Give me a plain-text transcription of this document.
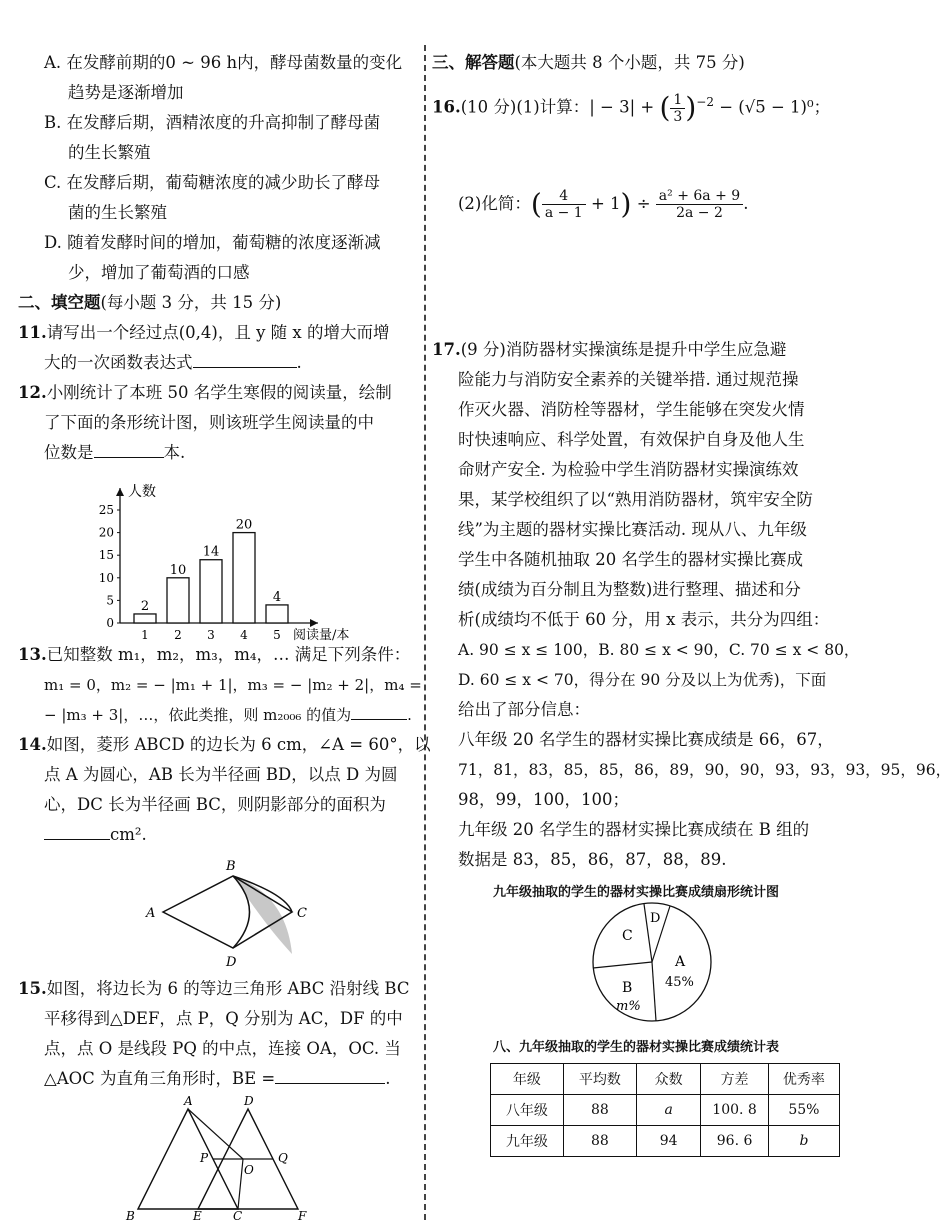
A. 在发酵前期的0 ~ 96 h内，酵母菌数量的变化
趋势是逐渐增加
B. 在发酵后期，酒精浓度的升高抑制了酵母菌
的生长繁殖
C. 在发酵后期，葡萄糖浓度的减少助长了酵母
菌的生长繁殖
D. 随着发酵时间的增加，葡萄糖的浓度逐渐减
少，增加了葡萄酒的口感
二、填空题(每小题 3 分，共 15 分)
11.请写出一个经过点(0,4)，且 y 随 x 的增大而增
大的一次函数表达式	.
12.小刚统计了本班 50 名学生寒假的阅读量，绘制
了下面的条形统计图，则该班学生阅读量的中
位数是	本.
0
5
10
15
20
25
2
10
14
20
4
1 2 3 4 5
人数
阅读量/本
13.已知整数 m₁，m₂，m₃，m₄，… 满足下列条件：
m₁ = 0，m₂ = − |m₁ + 1|，m₃ = − |m₂ + 2|，m₄ =
− |m₃ + 3|，…，依此类推，则 m₂₀₀₆ 的值为	.
14.如图，菱形 ABCD 的边长为 6 cm，∠A = 60°，以
点 A 为圆心，AB 长为半径画 BD，以点 D 为圆
心，DC 长为半径画 BC，则阴影部分的面积为
cm².
A
B
C
D
15.如图，将边长为 6 的等边三角形 ABC 沿射线 BC
平移得到△DEF，点 P，Q 分别为 AC，DF 的中
点，点 O 是线段 PQ 的中点，连接 OA，OC. 当
△AOC 为直角三角形时，BE =	.
A	D
P
O
Q
B	E	C	F
三、解答题(本大题共 8 个小题，共 75 分)
16.(10 分)(1)计算：| − 3| + ( $\frac{1}{3} )^{-2} - (√5 - 1)^0$；
(2)化简：( $\frac{4}{a - 1} + 1) \div \frac{\text{a² + 6a + 9}}{2a - 2}$ .
17.(9 分)消防器材实操演练是提升中学生应急避
险能力与消防安全素养的关键举措. 通过规范操
作灭火器、消防栓等器材，学生能够在突发火情
时快速响应、科学处置，有效保护自身及他人生
命财产安全. 为检验中学生消防器材实操演练效
果，某学校组织了以“熟用消防器材，筑牢安全防
线”为主题的器材实操比赛活动. 现从八、九年级
学生中各随机抽取 20 名学生的器材实操比赛成
绩(成绩为百分制且为整数)进行整理、描述和分
析(成绩均不低于 60 分，用 x 表示，共分为四组：
A. 90 ≤ x ≤ 100，B. 80 ≤ x < 90，C. 70 ≤ x < 80，
D. 60 ≤ x < 70，得分在 90 分及以上为优秀)，下面
给出了部分信息：
八年级 20 名学生的器材实操比赛成绩是 66，67，
71，81，83，85，85，86，89，90，90，93，93，93，95，96，
98，99，100，100；
九年级 20 名学生的器材实操比赛成绩在 B 组的
数据是 83，85，86，87，88，89.
九年级抽取的学生的器材实操比赛成绩扇形统计图
A
45%
B
m%
C
D
八、九年级抽取的学生的器材实操比赛成绩统计表
年级	平均数	众数	方差	优秀率
八年级	88	a	100. 8	55%
九年级	88	94	96. 6	b
